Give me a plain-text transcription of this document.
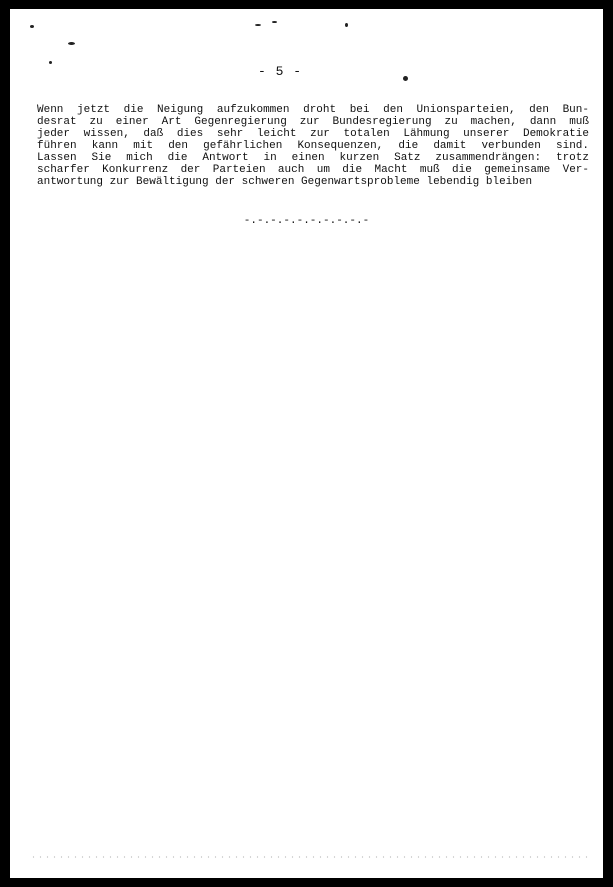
- 5 -

Wenn jetzt die Neigung aufzukommen droht bei den Unionsparteien, den Bun-
desrat zu einer Art Gegenregierung zur Bundesregierung zu machen, dann muß
jeder wissen, daß dies sehr leicht zur totalen Lähmung unserer Demokratie
führen kann mit den gefährlichen Konsequenzen, die damit verbunden sind.
Lassen Sie mich die Antwort in einen kurzen Satz zusammendrängen: trotz
scharfer Konkurrenz der Parteien auch um die Macht muß die gemeinsame Ver-
antwortung zur Bewältigung der schweren Gegenwartsprobleme lebendig bleiben

-.-.-.-.-.-.-.-.-.-
